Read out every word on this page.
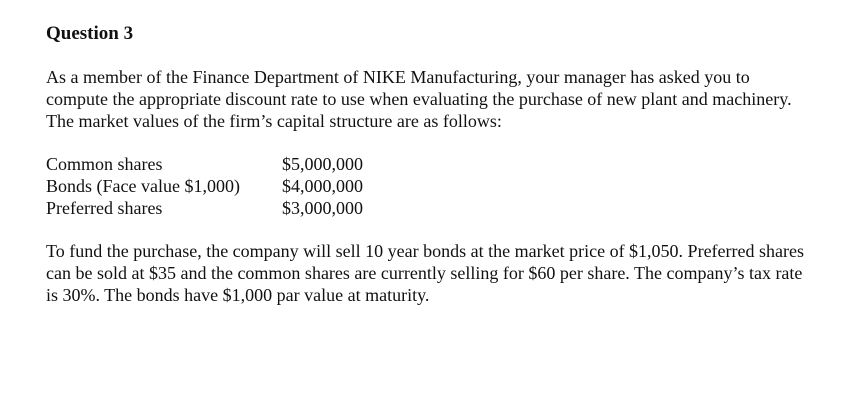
Question 3

As a member of the Finance Department of NIKE Manufacturing, your manager has asked you to compute the appropriate discount rate to use when evaluating the purchase of new plant and machinery. The market values of the firm’s capital structure are as follows:

Common shares	$5,000,000
Bonds (Face value $1,000)	$4,000,000
Preferred shares	$3,000,000

To fund the purchase, the company will sell 10 year bonds at the market price of $1,050. Preferred shares can be sold at $35 and the common shares are currently selling for $60 per share. The company’s tax rate is 30%. The bonds have $1,000 par value at maturity.
